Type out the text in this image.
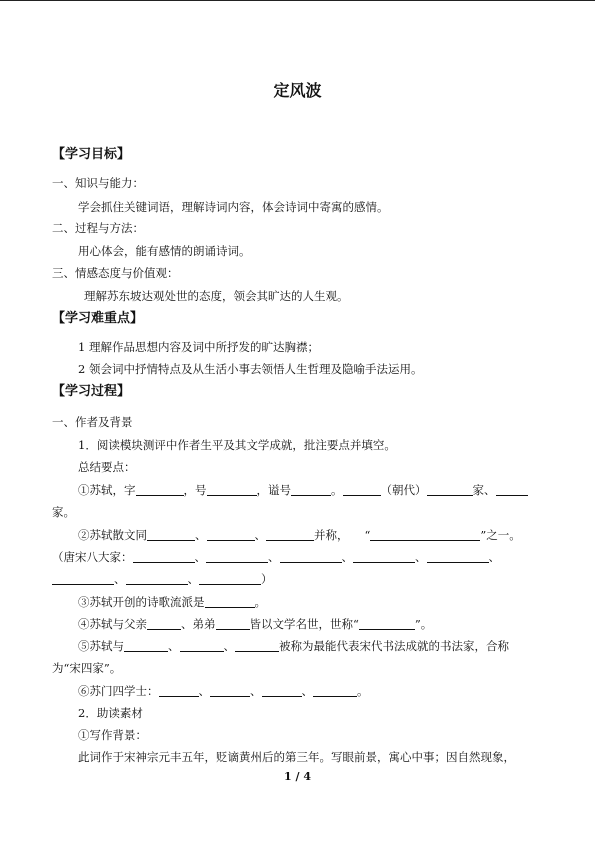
定风波
【学习目标】
一、知识与能力：
学会抓住关键词语，理解诗词内容，体会诗词中寄寓的感情。
二、过程与方法：
用心体会，能有感情的朗诵诗词。
三、情感态度与价值观：
理解苏东坡达观处世的态度，领会其旷达的人生观。
【学习难重点】
1 理解作品思想内容及词中所抒发的旷达胸襟；
2 领会词中抒情特点及从生活小事去领悟人生哲理及隐喻手法运用。
【学习过程】
一、作者及背景
1．阅读模块测评中作者生平及其文学成就，批注要点并填空。
总结要点：
①苏轼，字	，号	，谥号	。	（朝代）	家、
家。
②苏轼散文同	、	、	并称， “	”之一。
（唐宋八大家：	、	、	、	、	、
、	、	）
③苏轼开创的诗歌流派是	。
④苏轼与父亲	、弟弟	皆以文学名世，世称“	”。
⑤苏轼与	、	、	被称为最能代表宋代书法成就的书法家，合称
为“宋四家”。
⑥苏门四学士：	、	、	、	。
2．助读素材
①写作背景：
此词作于宋神宗元丰五年，贬谪黄州后的第三年。写眼前景，寓心中事；因自然现象，
1 / 4
